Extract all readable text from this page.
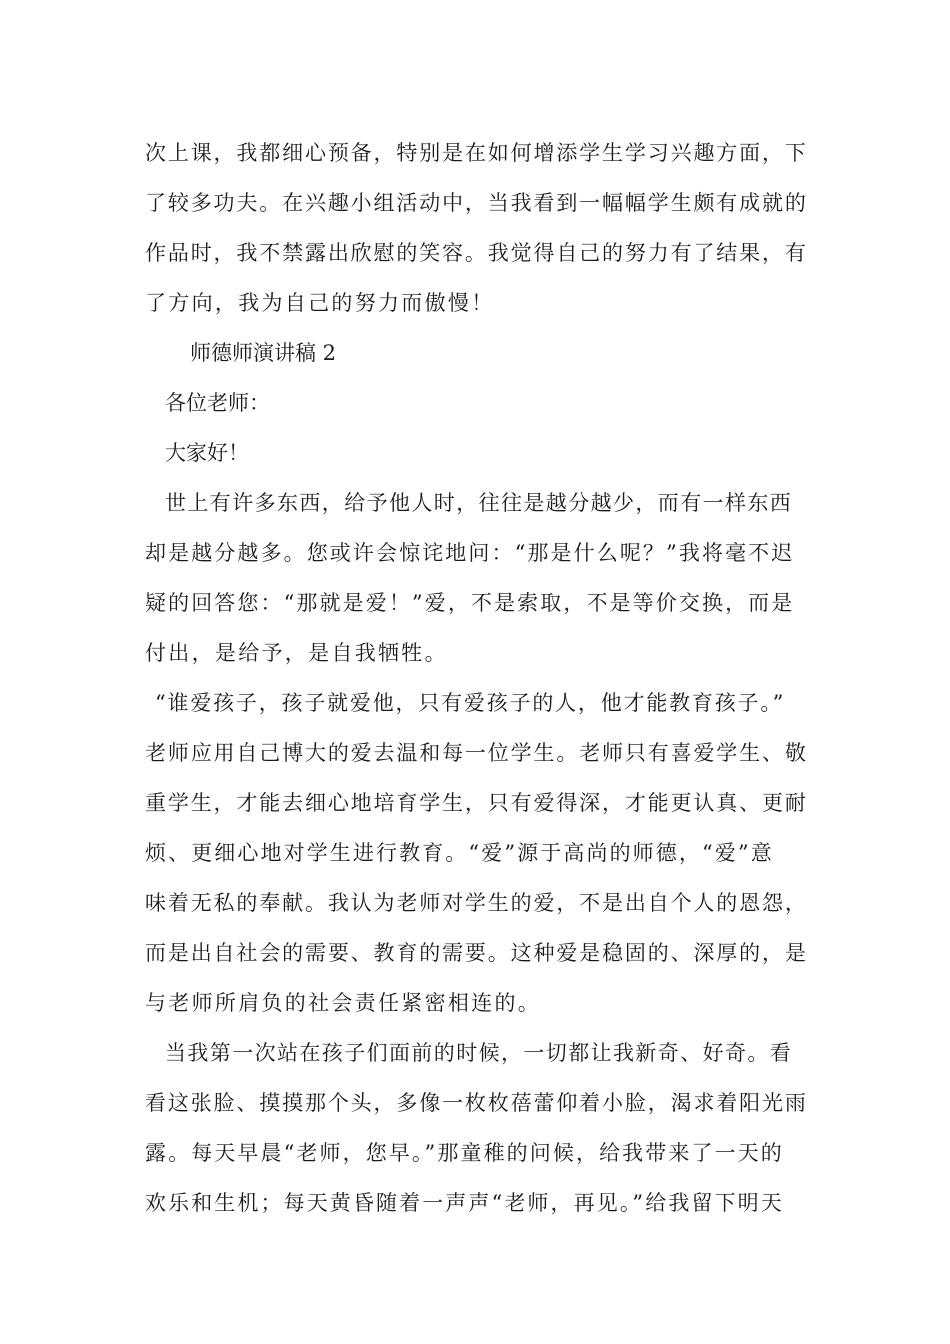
次上课，我都细心预备，特别是在如何增添学生学习兴趣方面，下
了较多功夫。在兴趣小组活动中，当我看到一幅幅学生颇有成就的
作品时，我不禁露出欣慰的笑容。我觉得自己的努力有了结果，有
了方向，我为自己的努力而傲慢！
师德师演讲稿 2
各位老师：
大家好！
世上有许多东西，给予他人时，往往是越分越少，而有一样东西
却是越分越多。您或许会惊诧地问：“那是什么呢？”我将毫不迟
疑的回答您：“那就是爱！”爱，不是索取，不是等价交换，而是
付出，是给予，是自我牺牲。
“谁爱孩子，孩子就爱他，只有爱孩子的人，他才能教育孩子。”
老师应用自己博大的爱去温和每一位学生。老师只有喜爱学生、敬
重学生，才能去细心地培育学生，只有爱得深，才能更认真、更耐
烦、更细心地对学生进行教育。“爱”源于高尚的师德，“爱”意
味着无私的奉献。我认为老师对学生的爱，不是出自个人的恩怨，
而是出自社会的需要、教育的需要。这种爱是稳固的、深厚的，是
与老师所肩负的社会责任紧密相连的。
当我第一次站在孩子们面前的时候，一切都让我新奇、好奇。看
看这张脸、摸摸那个头，多像一枚枚蓓蕾仰着小脸，渴求着阳光雨
露。每天早晨“老师，您早。”那童稚的问候，给我带来了一天的
欢乐和生机；每天黄昏随着一声声“老师，再见。”给我留下明天
